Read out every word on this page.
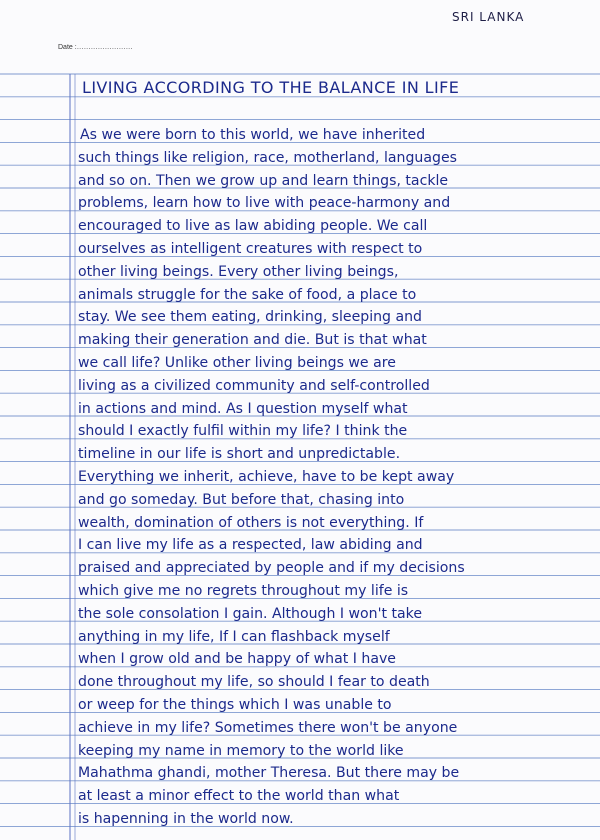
SRI LANKA
Date :……………………
LIVING ACCORDING TO THE BALANCE IN LIFE
As we were born to this world, we have inherited
such things like religion, race, motherland, languages
and so on. Then we grow up and learn things, tackle
problems, learn how to live with peace-harmony and
encouraged to live as law abiding people. We call
ourselves as intelligent creatures with respect to
other living beings. Every other living beings,
animals struggle for the sake of food, a place to
stay. We see them eating, drinking, sleeping and
making their generation and die. But is that what
we call life? Unlike other living beings we are
living as a civilized community and self-controlled
in actions and mind. As I question myself what
should I exactly fulfil within my life? I think the
timeline in our life is short and unpredictable.
Everything we inherit, achieve, have to be kept away
and go someday. But before that, chasing into
wealth, domination of others is not everything. If
I can live my life as a respected, law abiding and
praised and appreciated by people and if my decisions
which give me no regrets throughout my life is
the sole consolation I gain. Although I won't take
anything in my life, If I can flashback myself
when I grow old and be happy of what I have
done throughout my life, so should I fear to death
or weep for the things which I was unable to
achieve in my life? Sometimes there won't be anyone
keeping my name in memory to the world like
Mahathma ghandi, mother Theresa. But there may be
at least a minor effect to the world than what
is hapenning in the world now.
